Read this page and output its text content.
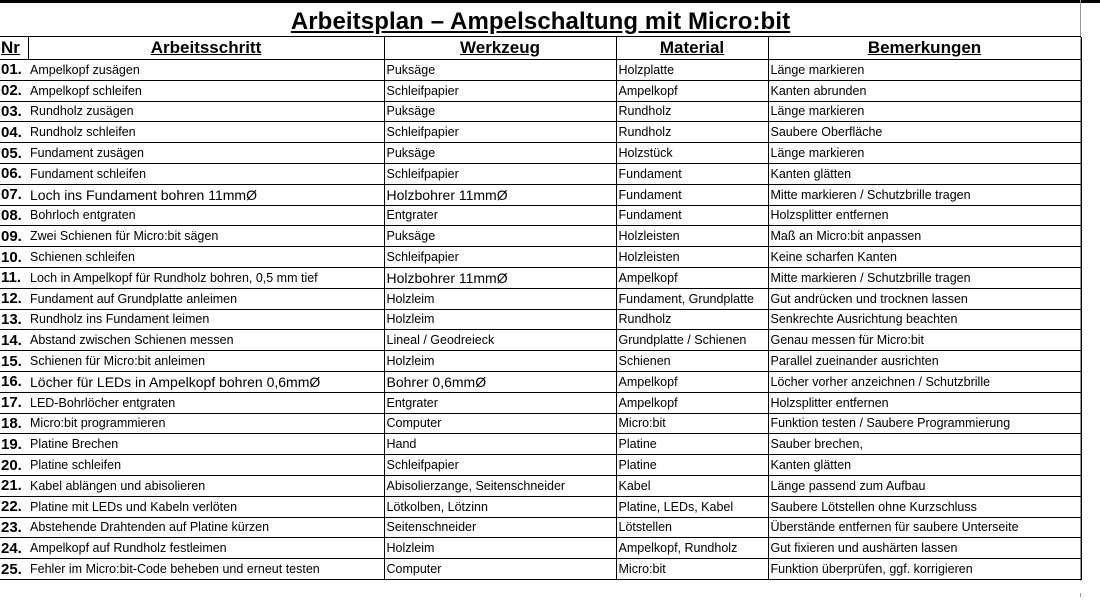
Arbeitsplan – Ampelschaltung mit Micro:bit
Nr	Arbeitsschritt	Werkzeug	Material	Bemerkungen
01.	Ampelkopf zusägen	Puksäge	Holzplatte	Länge markieren
02.	Ampelkopf schleifen	Schleifpapier	Ampelkopf	Kanten abrunden
03.	Rundholz zusägen	Puksäge	Rundholz	Länge markieren
04.	Rundholz schleifen	Schleifpapier	Rundholz	Saubere Oberfläche
05.	Fundament zusägen	Puksäge	Holzstück	Länge markieren
06.	Fundament schleifen	Schleifpapier	Fundament	Kanten glätten
07.	Loch ins Fundament bohren 11mmØ	Holzbohrer 11mmØ	Fundament	Mitte markieren / Schutzbrille tragen
08.	Bohrloch entgraten	Entgrater	Fundament	Holzsplitter entfernen
09.	Zwei Schienen für Micro:bit sägen	Puksäge	Holzleisten	Maß an Micro:bit anpassen
10.	Schienen schleifen	Schleifpapier	Holzleisten	Keine scharfen Kanten
11.	Loch in Ampelkopf für Rundholz bohren, 0,5 mm tief	Holzbohrer 11mmØ	Ampelkopf	Mitte markieren / Schutzbrille tragen
12.	Fundament auf Grundplatte anleimen	Holzleim	Fundament, Grundplatte	Gut andrücken und trocknen lassen
13.	Rundholz ins Fundament leimen	Holzleim	Rundholz	Senkrechte Ausrichtung beachten
14.	Abstand zwischen Schienen messen	Lineal / Geodreieck	Grundplatte / Schienen	Genau messen für Micro:bit
15.	Schienen für Micro:bit anleimen	Holzleim	Schienen	Parallel zueinander ausrichten
16.	Löcher für LEDs in Ampelkopf bohren 0,6mmØ	Bohrer 0,6mmØ	Ampelkopf	Löcher vorher anzeichnen / Schutzbrille
17.	LED-Bohrlöcher entgraten	Entgrater	Ampelkopf	Holzsplitter entfernen
18.	Micro:bit programmieren	Computer	Micro:bit	Funktion testen / Saubere Programmierung
19.	Platine Brechen	Hand	Platine	Sauber brechen,
20.	Platine schleifen	Schleifpapier	Platine	Kanten glätten
21.	Kabel ablängen und abisolieren	Abisolierzange, Seitenschneider	Kabel	Länge passend zum Aufbau
22.	Platine mit LEDs und Kabeln verlöten	Lötkolben, Lötzinn	Platine, LEDs, Kabel	Saubere Lötstellen ohne Kurzschluss
23.	Abstehende Drahtenden auf Platine kürzen	Seitenschneider	Lötstellen	Überstände entfernen für saubere Unterseite
24.	Ampelkopf auf Rundholz festleimen	Holzleim	Ampelkopf, Rundholz	Gut fixieren und aushärten lassen
25.	Fehler im Micro:bit-Code beheben und erneut testen	Computer	Micro:bit	Funktion überprüfen, ggf. korrigieren
